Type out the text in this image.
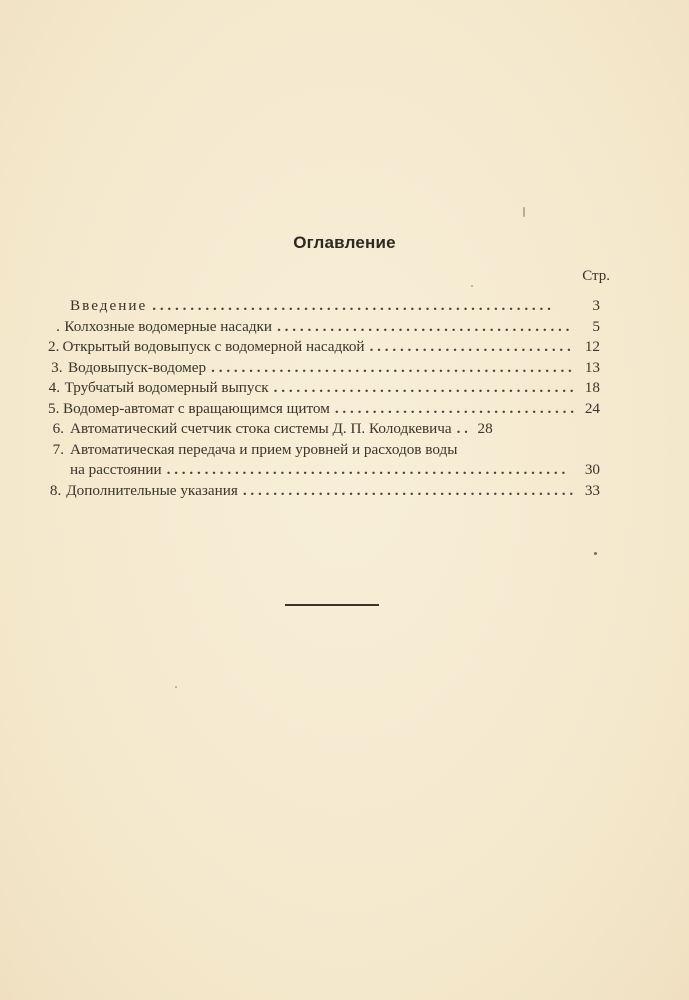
Оглавление
Стр.
Введение . . .	3
. Колхозные водомерные насадки . . .	5
2. Открытый водовыпуск с водомерной насадкой . . .	12
3. Водовыпуск-водомер . . .	13
4. Трубчатый водомерный выпуск . . .	18
5. Водомер-автомат с вращающимся щитом . . .	24
6. Автоматический счетчик стока системы Д. П. Колодкевича . . .	28
7. Автоматическая передача и прием уровней и расходов воды
на расстоянии . . .	30
8. Дополнительные указания . . .	33
